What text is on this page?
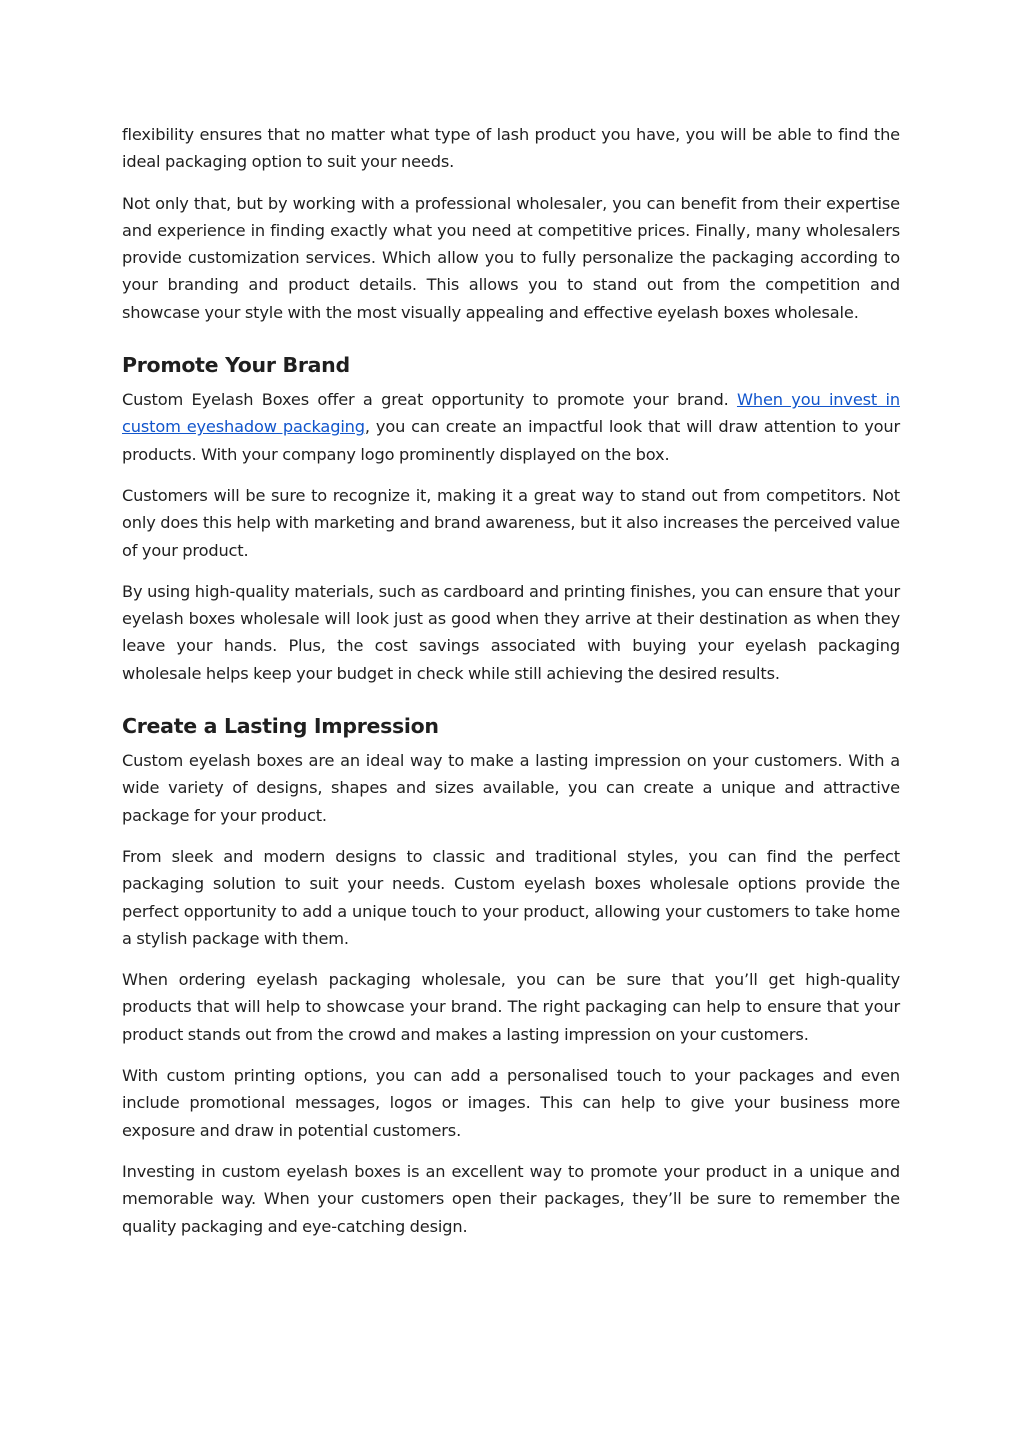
flexibility ensures that no matter what type of lash product you have, you will be able to find the ideal packaging option to suit your needs.

Not only that, but by working with a professional wholesaler, you can benefit from their expertise and experience in finding exactly what you need at competitive prices. Finally, many wholesalers provide customization services. Which allow you to fully personalize the packaging according to your branding and product details. This allows you to stand out from the competition and showcase your style with the most visually appealing and effective eyelash boxes wholesale.

Promote Your Brand

Custom Eyelash Boxes offer a great opportunity to promote your brand. When you invest in custom eyeshadow packaging, you can create an impactful look that will draw attention to your products. With your company logo prominently displayed on the box.

Customers will be sure to recognize it, making it a great way to stand out from competitors. Not only does this help with marketing and brand awareness, but it also increases the perceived value of your product.

By using high-quality materials, such as cardboard and printing finishes, you can ensure that your eyelash boxes wholesale will look just as good when they arrive at their destination as when they leave your hands. Plus, the cost savings associated with buying your eyelash packaging wholesale helps keep your budget in check while still achieving the desired results.

Create a Lasting Impression

Custom eyelash boxes are an ideal way to make a lasting impression on your customers. With a wide variety of designs, shapes and sizes available, you can create a unique and attractive package for your product.

From sleek and modern designs to classic and traditional styles, you can find the perfect packaging solution to suit your needs. Custom eyelash boxes wholesale options provide the perfect opportunity to add a unique touch to your product, allowing your customers to take home a stylish package with them.

When ordering eyelash packaging wholesale, you can be sure that you’ll get high-quality products that will help to showcase your brand. The right packaging can help to ensure that your product stands out from the crowd and makes a lasting impression on your customers.

With custom printing options, you can add a personalised touch to your packages and even include promotional messages, logos or images. This can help to give your business more exposure and draw in potential customers.

Investing in custom eyelash boxes is an excellent way to promote your product in a unique and memorable way. When your customers open their packages, they’ll be sure to remember the quality packaging and eye-catching design.
